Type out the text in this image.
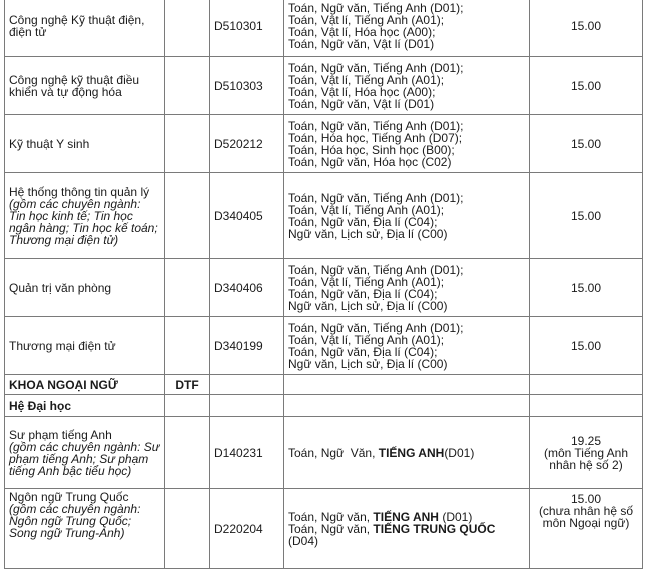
Công nghệ Kỹ thuật điện, điện tử		D510301	Toán, Ngữ văn, Tiếng Anh (D01);
Toán, Vật lí, Tiếng Anh (A01);
Toán, Vật lí, Hóa học (A00);
Toán, Ngữ văn, Vật lí (D01)	15.00
Công nghệ kỹ thuật điều khiển và tự động hóa		D510303	Toán, Ngữ văn, Tiếng Anh (D01);
Toán, Vật lí, Tiếng Anh (A01);
Toán, Vật lí, Hóa học (A00);
Toán, Ngữ văn, Vật lí (D01)	15.00
Kỹ thuật Y sinh		D520212	Toán, Ngữ văn, Tiếng Anh (D01);
Toán, Hóa học, Tiếng Anh (D07);
Toán, Hóa học, Sinh học (B00);
Toán, Ngữ văn, Hóa học (C02)	15.00
Hệ thống thông tin quản lý (gồm các chuyên ngành: Tin học kinh tế; Tin học ngân hàng; Tin học kế toán; Thương mại điện tử)		D340405	Toán, Ngữ văn, Tiếng Anh (D01);
Toán, Vật lí, Tiếng Anh (A01);
Toán, Ngữ văn, Địa lí (C04);
Ngữ văn, Lịch sử, Địa lí (C00)	15.00
Quản trị văn phòng		D340406	Toán, Ngữ văn, Tiếng Anh (D01);
Toán, Vật lí, Tiếng Anh (A01);
Toán, Ngữ văn, Địa lí (C04);
Ngữ văn, Lịch sử, Địa lí (C00)	15.00
Thương mại điện tử		D340199	Toán, Ngữ văn, Tiếng Anh (D01);
Toán, Vật lí, Tiếng Anh (A01);
Toán, Ngữ văn, Địa lí (C04);
Ngữ văn, Lịch sử, Địa lí (C00)	15.00
KHOA NGOẠI NGỮ	DTF			
Hệ Đại học				
Sư phạm tiếng Anh
(gồm các chuyên ngành: Sư phạm tiếng Anh; Sư phạm tiếng Anh bậc tiểu học)		D140231	Toán, Ngữ  Văn, TIẾNG ANH(D01)	19.25
(môn Tiếng Anh nhân hệ số 2)
Ngôn ngữ Trung Quốc
(gồm các chuyên ngành: Ngôn ngữ Trung Quốc; Song ngữ Trung-Anh)		D220204	Toán, Ngữ văn, TIẾNG ANH (D01)
Toán, Ngữ văn, TIẾNG TRUNG QUỐC (D04)	15.00
(chưa nhân hệ số môn Ngoại ngữ)
